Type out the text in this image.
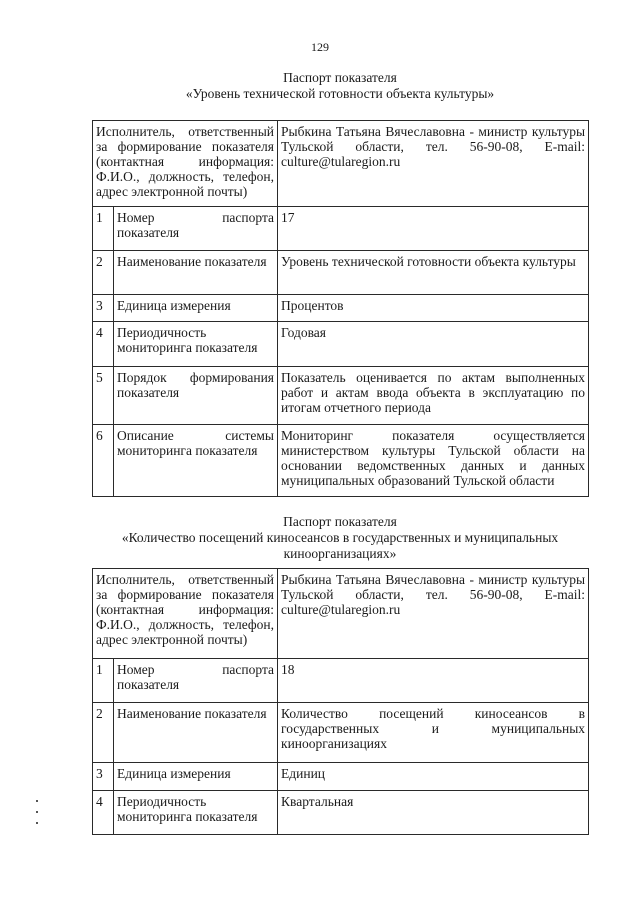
129
Паспорт показателя
«Уровень технической готовности объекта культуры»
Исполнитель, ответственный за формирование показателя (контактная информация: Ф.И.О., должность, телефон, адрес электронной почты)		Рыбкина Татьяна Вячеславовна - министр культуры Тульской области, тел. 56-90-08, E-mail: culture@tularegion.ru
1	Номер паспорта показателя	17
2	Наименование показателя	Уровень технической готовности объекта культуры
3	Единица измерения	Процентов
4	Периодичность мониторинга показателя	Годовая
5	Порядок формирования показателя	Показатель оценивается по актам выполненных работ и актам ввода объекта в эксплуатацию по итогам отчетного периода
6	Описание системы мониторинга показателя	Мониторинг показателя осуществляется министерством культуры Тульской области на основании ведомственных данных и данных муниципальных образований Тульской области
Паспорт показателя
«Количество посещений киносеансов в государственных и муниципальных
киноорганизациях»
Исполнитель, ответственный за формирование показателя (контактная информация: Ф.И.О., должность, телефон, адрес электронной почты)		Рыбкина Татьяна Вячеславовна - министр культуры Тульской области, тел. 56-90-08, E-mail: culture@tularegion.ru
1	Номер паспорта показателя	18
2	Наименование показателя	Количество посещений киносеансов в государственных и муниципальных киноорганизациях
3	Единица измерения	Единиц
4	Периодичность мониторинга показателя	Квартальная
